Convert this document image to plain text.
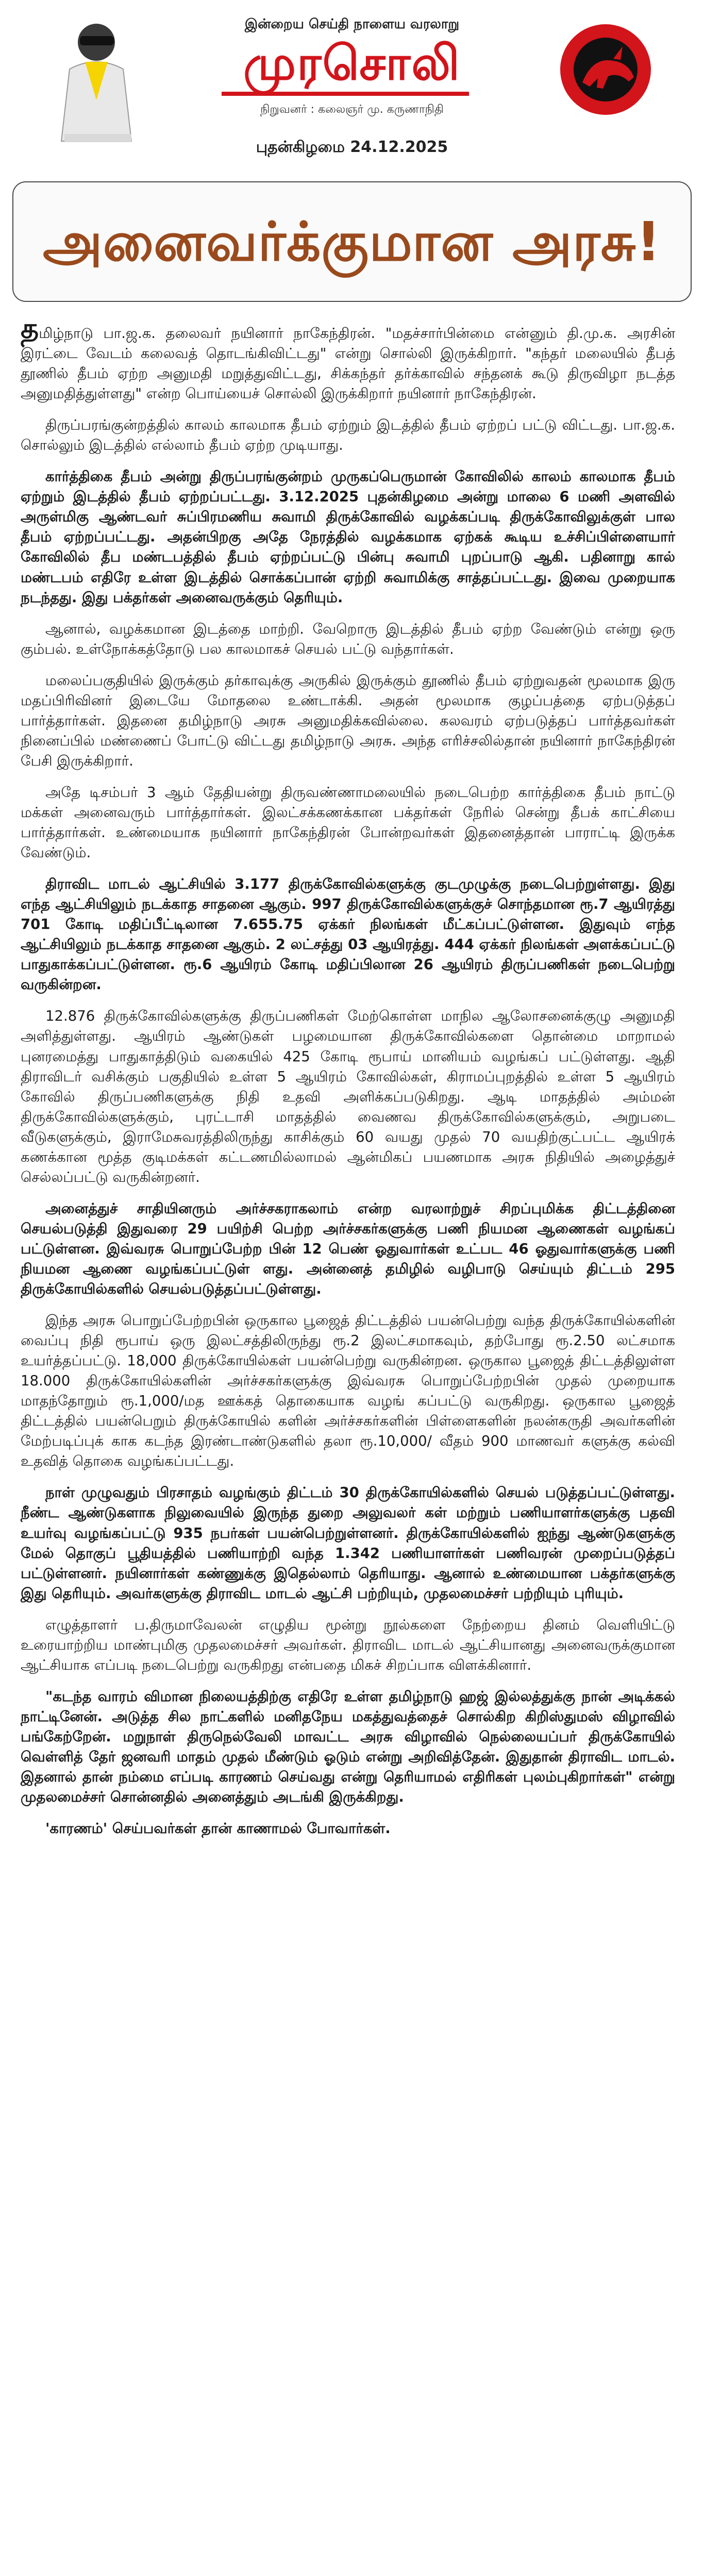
இன்றைய செய்தி நாளைய வரலாறு
முரசொலி
நிறுவனர் : கலைஞர் மு. கருணாநிதி
புதன்கிழமை 24.12.2025
அனைவர்க்குமான அரசு!

தமிழ்நாடு பா.ஜ.க. தலைவர் நயினார் நாகேந்திரன். "மதச்சார்பின்மை என்னும் தி.மு.க. அரசின் இரட்டை வேடம் கலைவத் தொடங்கிவிட்டது" என்று சொல்லி இருக்கிறார். "கந்தர் மலையில் தீபத் தூணில் தீபம் ஏற்ற அனுமதி மறுத்துவிட்டது, சிக்கந்தர் தர்க்காவில் சந்தனக் கூடு திருவிழா நடத்த அனுமதித்துள்ளது" என்ற பொய்யைச் சொல்லி இருக்கிறார் நயினார் நாகேந்திரன்.

திருப்பரங்குன்றத்தில் காலம் காலமாக தீபம் ஏற்றும் இடத்தில் தீபம் ஏற்றப் பட்டு விட்டது. பா.ஜ.க. சொல்லும் இடத்தில் எல்லாம் தீபம் ஏற்ற முடியாது.

கார்த்திகை தீபம் அன்று திருப்பரங்குன்றம் முருகப்பெருமான் கோவிலில் காலம் காலமாக தீபம் ஏற்றும் இடத்தில் தீபம் ஏற்றப்பட்டது. 3.12.2025 புதன்கிழமை அன்று மாலை 6 மணி அளவில் அருள்மிகு ஆண்டவர் சுப்பிரமணிய சுவாமி திருக்கோவில் வழக்கப்படி திருக்கோவிலுக்குள் பால தீபம் ஏற்றப்பட்டது. அதன்பிறகு அதே நேரத்தில் வழக்கமாக ஏற்கக் கூடிய உச்சிப்பிள்ளையார் கோவிலில் தீப மண்டபத்தில் தீபம் ஏற்றப்பட்டு பின்பு சுவாமி புறப்பாடு ஆகி. பதினாறு கால் மண்டபம் எதிரே உள்ள இடத்தில் சொக்கப்பான் ஏற்றி சுவாமிக்கு சாத்தப்பட்டது. இவை முறையாக நடந்தது. இது பக்தர்கள் அனைவருக்கும் தெரியும்.

ஆனால், வழக்கமான இடத்தை மாற்றி. வேறொரு இடத்தில் தீபம் ஏற்ற வேண்டும் என்று ஒரு கும்பல். உள்நோக்கத்தோடு பல காலமாகச் செயல் பட்டு வந்தார்கள்.

மலைப்பகுதியில் இருக்கும் தர்காவுக்கு அருகில் இருக்கும் தூணில் தீபம் ஏற்றுவதன் மூலமாக இரு மதப்பிரிவினர் இடையே மோதலை உண்டாக்கி. அதன் மூலமாக குழப்பத்தை ஏற்படுத்தப் பார்த்தார்கள். இதனை தமிழ்நாடு அரசு அனுமதிக்கவில்லை. கலவரம் ஏற்படுத்தப் பார்த்தவர்கள் நினைப்பில் மண்ணைப் போட்டு விட்டது தமிழ்நாடு அரசு. அந்த எரிச்சலில்தான் நயினார் நாகேந்திரன் பேசி இருக்கிறார்.

அதே டிசம்பர் 3 ஆம் தேதியன்று திருவண்ணாமலையில் நடைபெற்ற கார்த்திகை தீபம் நாட்டு மக்கள் அனைவரும் பார்த்தார்கள். இலட்சக்கணக்கான பக்தர்கள் நேரில் சென்று தீபக் காட்சியை பார்த்தார்கள். உண்மையாக நயினார் நாகேந்திரன் போன்றவர்கள் இதனைத்தான் பாராட்டி இருக்க வேண்டும்.

திராவிட மாடல் ஆட்சியில் 3.177 திருக்கோவில்களுக்கு குடமுழுக்கு நடைபெற்றுள்ளது. இது எந்த ஆட்சியிலும் நடக்காத சாதனை ஆகும். 997 திருக்கோவில்களுக்குச் சொந்தமான ரூ.7 ஆயிரத்து 701 கோடி மதிப்பீட்டிலான 7.655.75 ஏக்கர் நிலங்கள் மீட்கப்பட்டுள்ளன. இதுவும் எந்த ஆட்சியிலும் நடக்காத சாதனை ஆகும். 2 லட்சத்து 03 ஆயிரத்து. 444 ஏக்கர் நிலங்கள் அளக்கப்பட்டு பாதுகாக்கப்பட்டுள்ளன. ரூ.6 ஆயிரம் கோடி மதிப்பிலான 26 ஆயிரம் திருப்பணிகள் நடைபெற்று வருகின்றன.

12.876 திருக்கோவில்களுக்கு திருப்பணிகள் மேற்கொள்ள மாநில ஆலோசனைக்குழு அனுமதி அளித்துள்ளது. ஆயிரம் ஆண்டுகள் பழமையான திருக்கோவில்களை தொன்மை மாறாமல் புனரமைத்து பாதுகாத்திடும் வகையில் 425 கோடி ரூபாய் மானியம் வழங்கப் பட்டுள்ளது. ஆதி திராவிடர் வசிக்கும் பகுதியில் உள்ள 5 ஆயிரம் கோவில்கள், கிராமப்புறத்தில் உள்ள 5 ஆயிரம் கோவில் திருப்பணிகளுக்கு நிதி உதவி அளிக்கப்படுகிறது. ஆடி மாதத்தில் அம்மன் திருக்கோவில்களுக்கும், புரட்டாசி மாதத்தில் வைணவ திருக்கோவில்களுக்கும், அறுபடை வீடுகளுக்கும், இராமேசுவரத்திலிருந்து காசிக்கும் 60 வயது முதல் 70 வயதிற்குட்பட்ட ஆயிரக் கணக்கான மூத்த குடிமக்கள் கட்டணமில்லாமல் ஆன்மிகப் பயணமாக அரசு நிதியில் அழைத்துச் செல்லப்பட்டு வருகின்றனர்.

அனைத்துச் சாதியினரும் அர்ச்சகராகலாம் என்ற வரலாற்றுச் சிறப்புமிக்க திட்டத்தினை செயல்படுத்தி இதுவரை 29 பயிற்சி பெற்ற அர்ச்சகர்களுக்கு பணி நியமன ஆணைகள் வழங்கப் பட்டுள்ளன. இவ்வரசு பொறுப்பேற்ற பின் 12 பெண் ஓதுவார்கள் உட்பட 46 ஓதுவார்களுக்கு பணி நியமன ஆணை வழங்கப்பட்டுள் ளது. அன்னைத் தமிழில் வழிபாடு செய்யும் திட்டம் 295 திருக்கோயில்களில் செயல்படுத்தப்பட்டுள்ளது.

இந்த அரசு பொறுப்பேற்றபின் ஒருகால பூஜைத் திட்டத்தில் பயன்பெற்று வந்த திருக்கோயில்களின் வைப்பு நிதி ரூபாய் ஒரு இலட்சத்திலிருந்து ரூ.2 இலட்சமாகவும், தற்போது ரூ.2.50 லட்சமாக உயர்த்தப்பட்டு. 18,000 திருக்கோயில்கள் பயன்பெற்று வருகின்றன. ஒருகால பூஜைத் திட்டத்திலுள்ள 18.000 திருக்கோயில்களின் அர்ச்சகர்களுக்கு இவ்வரசு பொறுப்பேற்றபின் முதல் முறையாக மாதந்தோறும் ரூ.1,000/மத ஊக்கத் தொகையாக வழங் கப்பட்டு வருகிறது. ஒருகால பூஜைத் திட்டத்தில் பயன்பெறும் திருக்கோயில் களின் அர்ச்சகர்களின் பிள்ளைகளின் நலன்கருதி அவர்களின் மேற்படிப்புக் காக கடந்த இரண்டாண்டுகளில் தலா ரூ.10,000/ வீதம் 900 மாணவர் களுக்கு கல்வி உதவித் தொகை வழங்கப்பட்டது.

நாள் முழுவதும் பிரசாதம் வழங்கும் திட்டம் 30 திருக்கோயில்களில் செயல் படுத்தப்பட்டுள்ளது. நீண்ட ஆண்டுகளாக நிலுவையில் இருந்த துறை அலுவலர் கள் மற்றும் பணியாளர்களுக்கு பதவி உயர்வு வழங்கப்பட்டு 935 நபர்கள் பயன்பெற்றுள்ளனர். திருக்கோயில்களில் ஐந்து ஆண்டுகளுக்கு மேல் தொகுப் பூதியத்தில் பணியாற்றி வந்த 1.342 பணியாளர்கள் பணிவரன் முறைப்படுத்தப் பட்டுள்ளனர். நயினார்கள் கண்ணுக்கு இதெல்லாம் தெரியாது. ஆனால் உண்மையான பக்தர்களுக்கு இது தெரியும். அவர்களுக்கு திராவிட மாடல் ஆட்சி பற்றியும், முதலமைச்சர் பற்றியும் புரியும்.

எழுத்தாளர் ப.திருமாவேலன் எழுதிய மூன்று நூல்களை நேற்றைய தினம் வெளியிட்டு உரையாற்றிய மாண்புமிகு முதலமைச்சர் அவர்கள். திராவிட மாடல் ஆட்சியானது அனைவருக்குமான ஆட்சியாக எப்படி நடைபெற்று வருகிறது என்பதை மிகச் சிறப்பாக விளக்கினார்.

"கடந்த வாரம் விமான நிலையத்திற்கு எதிரே உள்ள தமிழ்நாடு ஹஜ் இல்லத்துக்கு நான் அடிக்கல் நாட்டினேன். அடுத்த சில நாட்களில் மனிதநேய மகத்துவத்தைச் சொல்கிற கிறிஸ்துமஸ் விழாவில் பங்கேற்றேன். மறுநாள் திருநெல்வேலி மாவட்ட அரசு விழாவில் நெல்லையப்பர் திருக்கோயில் வெள்ளித் தேர் ஜனவரி மாதம் முதல் மீண்டும் ஓடும் என்று அறிவித்தேன். இதுதான் திராவிட மாடல். இதனால் தான் நம்மை எப்படி காரணம் செய்வது என்று தெரியாமல் எதிரிகள் புலம்புகிறார்கள்" என்று முதலமைச்சர் சொன்னதில் அனைத்தும் அடங்கி இருக்கிறது.

'காரணம்' செய்பவர்கள் தான் காணாமல் போவார்கள்.
